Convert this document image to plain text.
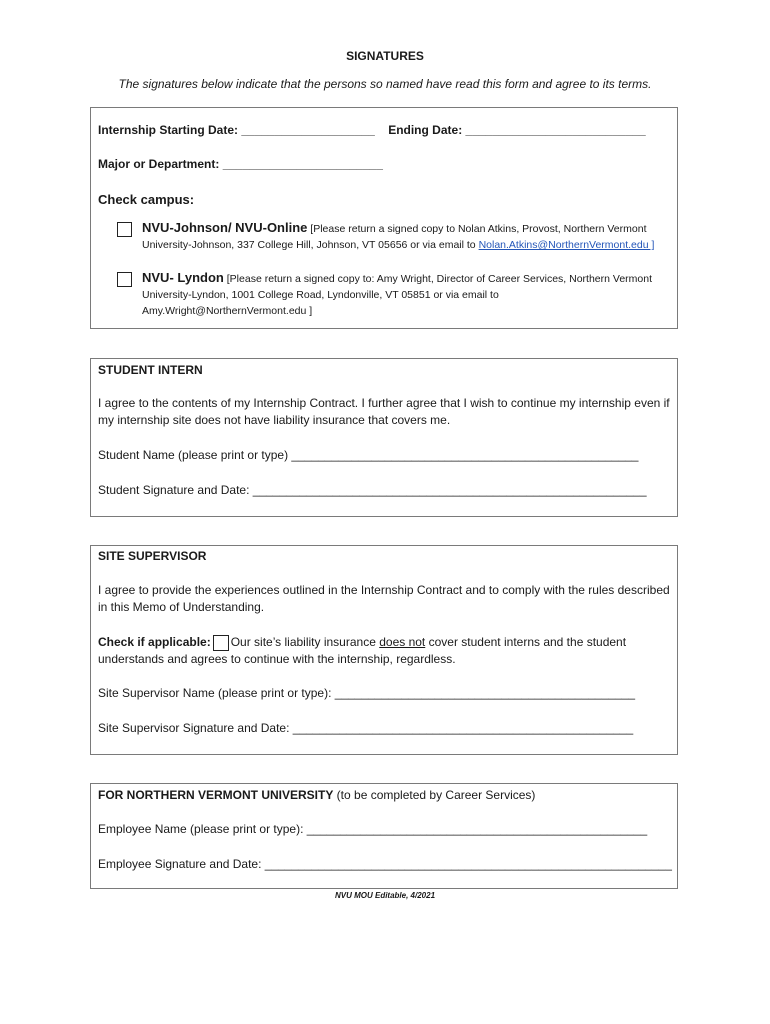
SIGNATURES
The signatures below indicate that the persons so named have read this form and agree to its terms.
Internship Starting Date: ____________________ Ending Date: ___________________________
Major or Department: ________________________
Check campus:
NVU-Johnson/ NVU-Online [Please return a signed copy to Nolan Atkins, Provost, Northern Vermont University-Johnson, 337 College Hill, Johnson, VT 05656 or via email to Nolan.Atkins@NorthernVermont.edu ]
NVU- Lyndon [Please return a signed copy to: Amy Wright, Director of Career Services, Northern Vermont University-Lyndon, 1001 College Road, Lyndonville, VT 05851 or via email to Amy.Wright@NorthernVermont.edu ]
STUDENT INTERN
I agree to the contents of my Internship Contract. I further agree that I wish to continue my internship even if my internship site does not have liability insurance that covers me.
Student Name (please print or type) ____________________________________________________
Student Signature and Date: ___________________________________________________________
SITE SUPERVISOR
I agree to provide the experiences outlined in the Internship Contract and to comply with the rules described in this Memo of Understanding.
Check if applicable: Our site’s liability insurance does not cover student interns and the student understands and agrees to continue with the internship, regardless.
Site Supervisor Name (please print or type): _____________________________________________
Site Supervisor Signature and Date: ___________________________________________________
FOR NORTHERN VERMONT UNIVERSITY (to be completed by Career Services)
Employee Name (please print or type): ___________________________________________________
Employee Signature and Date: _____________________________________________________________
NVU MOU Editable, 4/2021
